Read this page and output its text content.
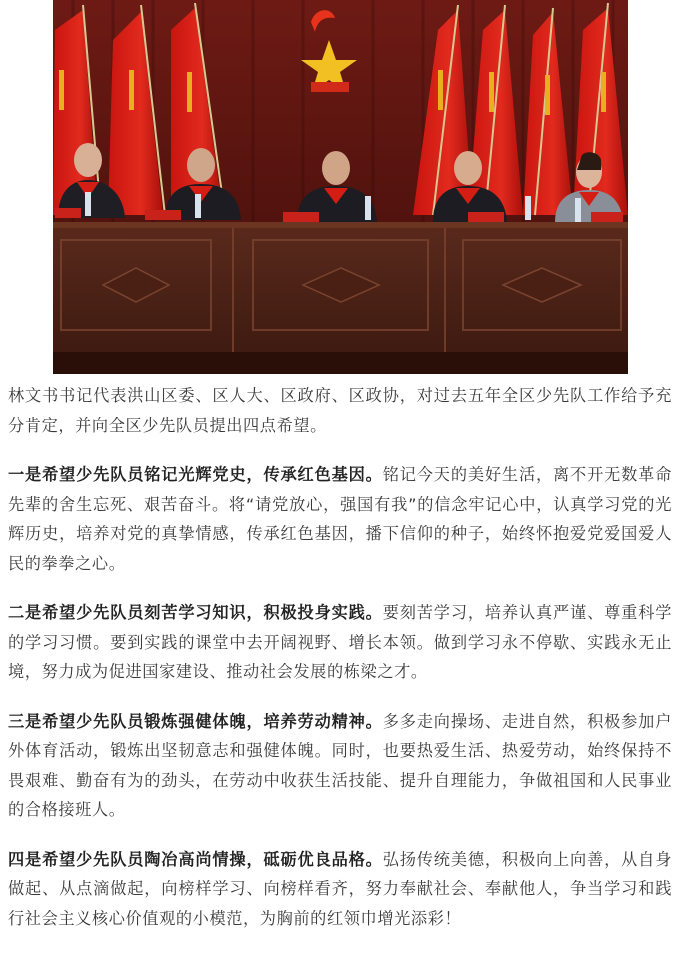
林文书书记代表洪山区委、区人大、区政府、区政协，对过去五年全区少先队工作给予充分肯定，并向全区少先队员提出四点希望。

一是希望少先队员铭记光辉党史，传承红色基因。铭记今天的美好生活，离不开无数革命先辈的舍生忘死、艰苦奋斗。将“请党放心，强国有我”的信念牢记心中，认真学习党的光辉历史，培养对党的真挚情感，传承红色基因，播下信仰的种子，始终怀抱爱党爱国爱人民的拳拳之心。

二是希望少先队员刻苦学习知识，积极投身实践。要刻苦学习，培养认真严谨、尊重科学的学习习惯。要到实践的课堂中去开阔视野、增长本领。做到学习永不停歇、实践永无止境，努力成为促进国家建设、推动社会发展的栋梁之才。

三是希望少先队员锻炼强健体魄，培养劳动精神。多多走向操场、走进自然，积极参加户外体育活动，锻炼出坚韧意志和强健体魄。同时，也要热爱生活、热爱劳动，始终保持不畏艰难、勤奋有为的劲头，在劳动中收获生活技能、提升自理能力，争做祖国和人民事业的合格接班人。

四是希望少先队员陶冶高尚情操，砥砺优良品格。弘扬传统美德，积极向上向善，从自身做起、从点滴做起，向榜样学习、向榜样看齐，努力奉献社会、奉献他人，争当学习和践行社会主义核心价值观的小模范，为胸前的红领巾增光添彩！
